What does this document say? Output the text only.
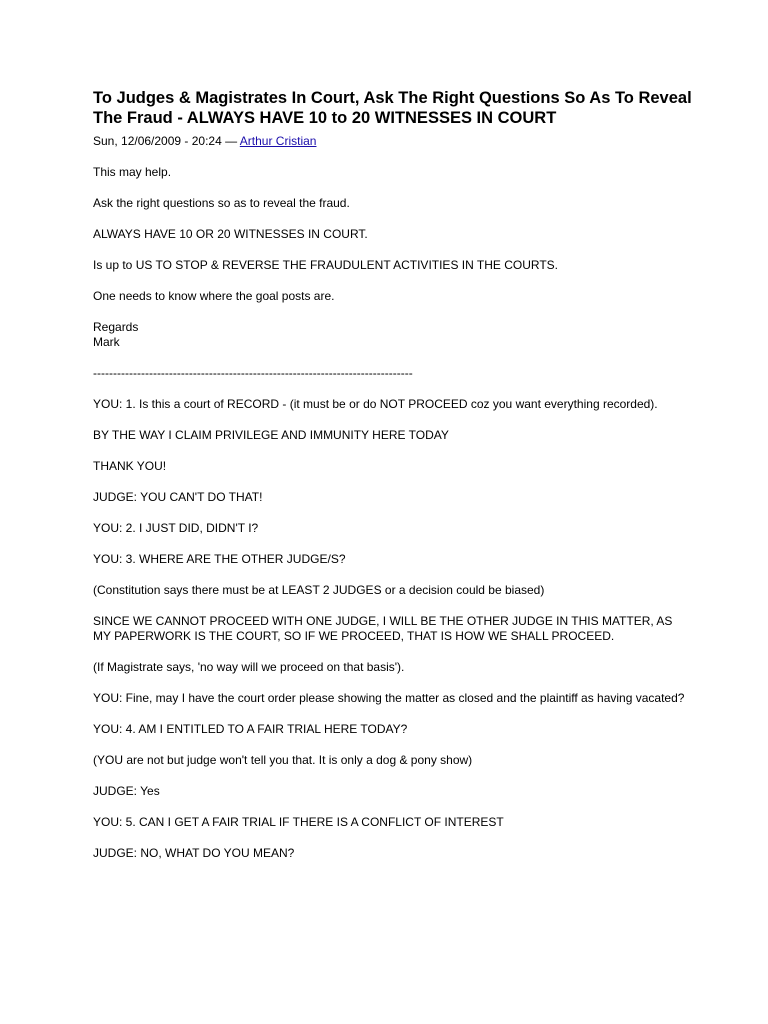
To Judges & Magistrates In Court, Ask The Right Questions So As To Reveal The Fraud - ALWAYS HAVE 10 to 20 WITNESSES IN COURT
Sun, 12/06/2009 - 20:24 — Arthur Cristian

This may help.

Ask the right questions so as to reveal the fraud.

ALWAYS HAVE 10 OR 20 WITNESSES IN COURT.

Is up to US TO STOP & REVERSE THE FRAUDULENT ACTIVITIES IN THE COURTS.

One needs to know where the goal posts are.

Regards

Mark

--------------------------------------------------------------------------------

YOU: 1. Is this a court of RECORD - (it must be or do NOT PROCEED coz you want everything recorded).

BY THE WAY I CLAIM PRIVILEGE AND IMMUNITY HERE TODAY

THANK YOU!

JUDGE: YOU CAN'T DO THAT!

YOU: 2. I JUST DID, DIDN'T I?

YOU: 3. WHERE ARE THE OTHER JUDGE/S?

(Constitution says there must be at LEAST 2 JUDGES or a decision could be biased)

SINCE WE CANNOT PROCEED WITH ONE JUDGE, I WILL BE THE OTHER JUDGE IN THIS MATTER, AS MY PAPERWORK IS THE COURT, SO IF WE PROCEED, THAT IS HOW WE SHALL PROCEED.

(If Magistrate says, 'no way will we proceed on that basis').

YOU: Fine, may I have the court order please showing the matter as closed and the plaintiff as having vacated?

YOU: 4. AM I ENTITLED TO A FAIR TRIAL HERE TODAY?

(YOU are not but judge won't tell you that. It is only a dog & pony show)

JUDGE: Yes

YOU: 5. CAN I GET A FAIR TRIAL IF THERE IS A CONFLICT OF INTEREST

JUDGE: NO, WHAT DO YOU MEAN?
